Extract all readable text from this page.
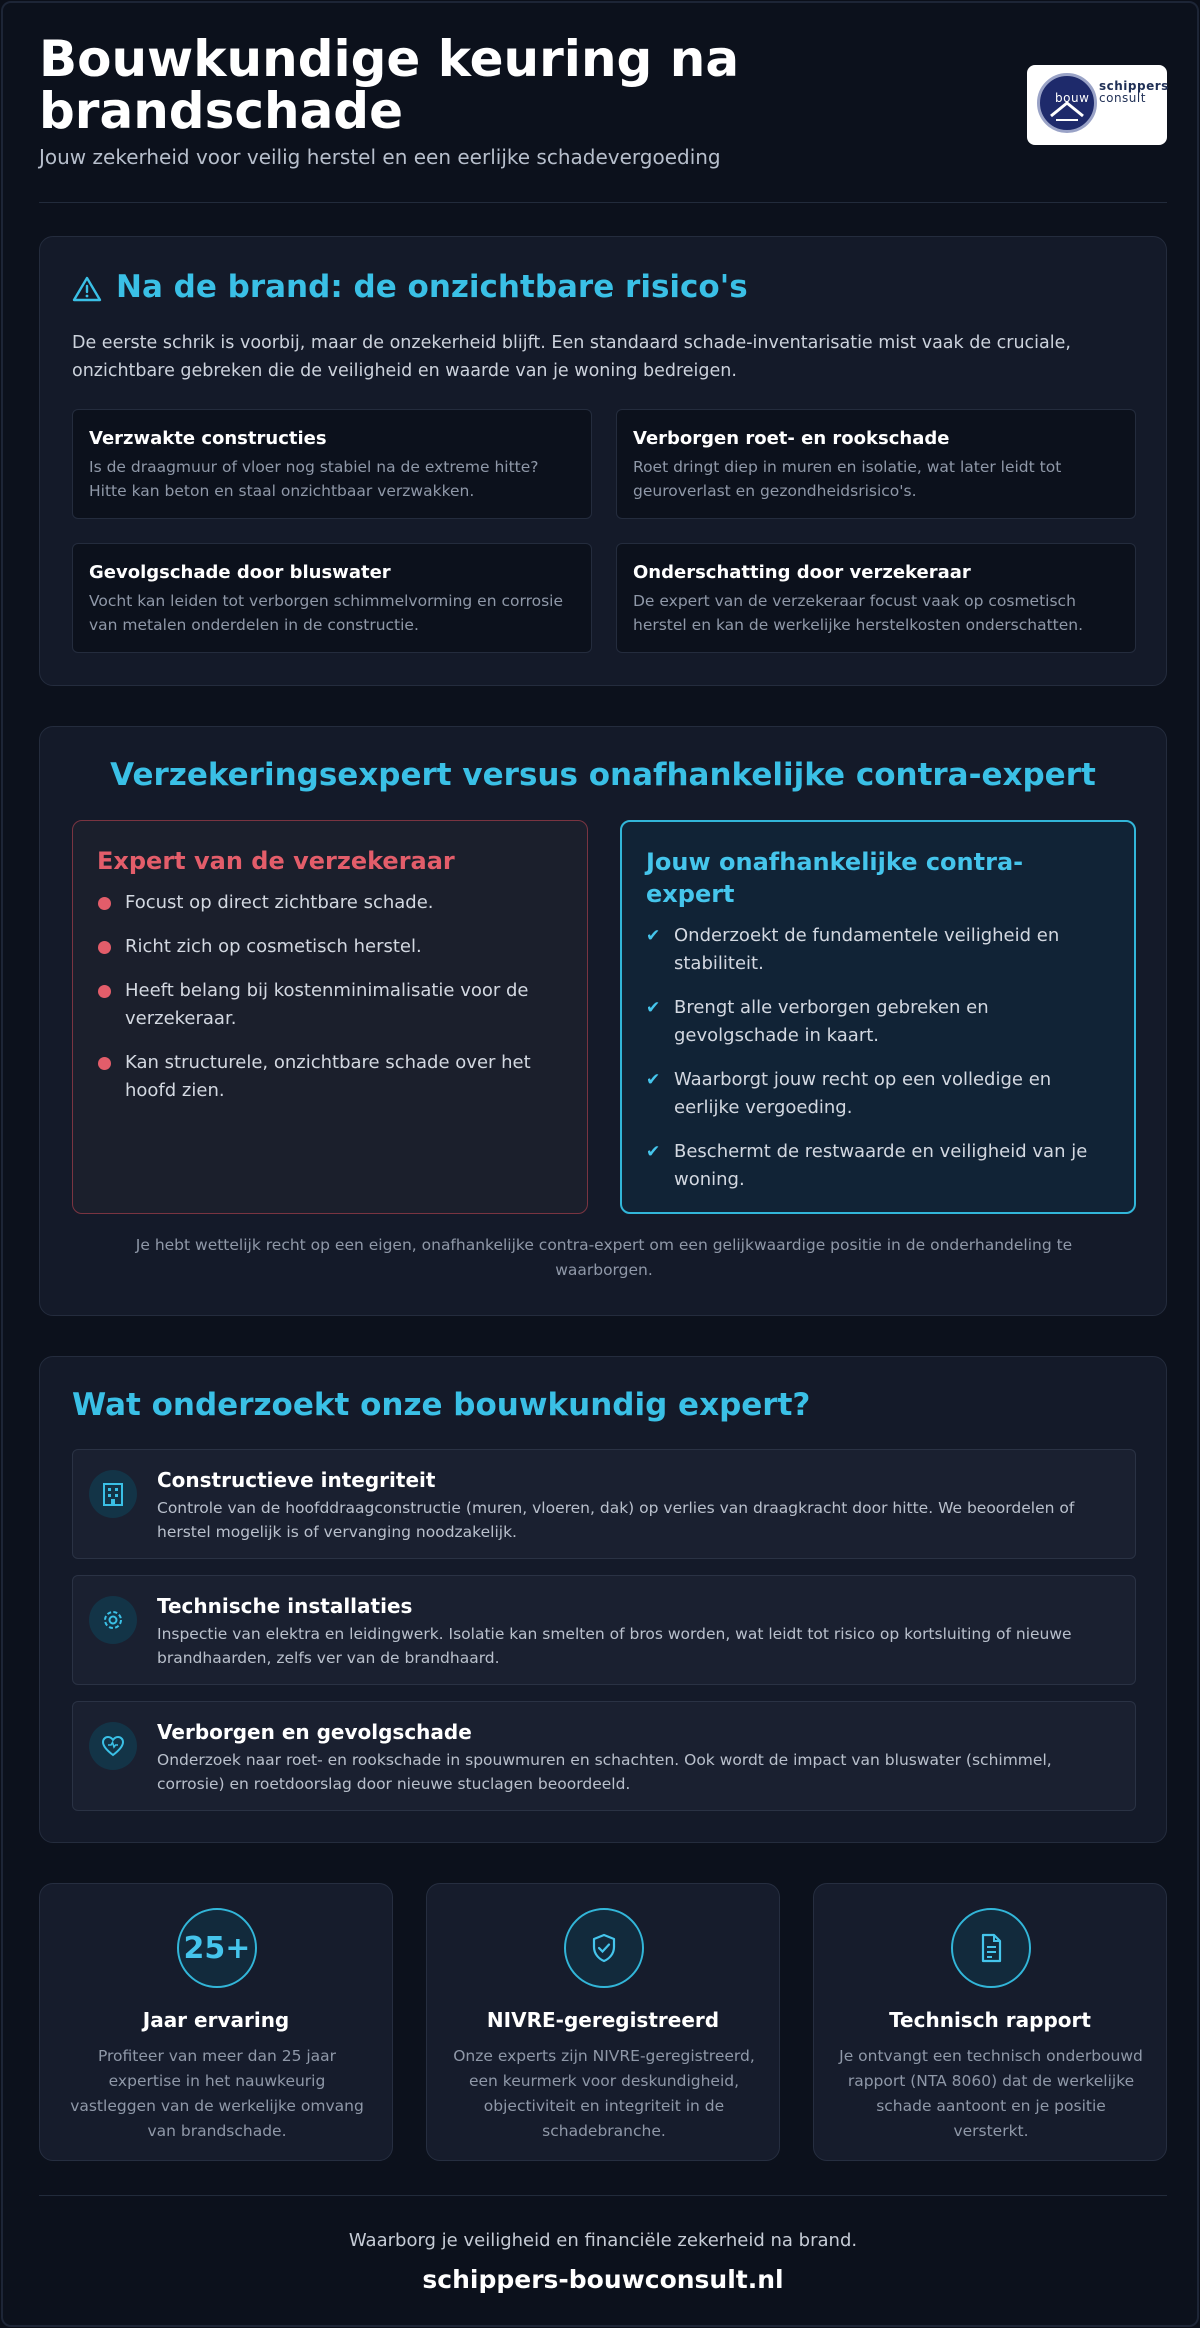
Bouwkundige keuring na brandschade
Jouw zekerheid voor veilig herstel en een eerlijke schadevergoeding
schippers
bouw consult
Na de brand: de onzichtbare risico's

De eerste schrik is voorbij, maar de onzekerheid blijft. Een standaard schade-inventarisatie mist vaak de cruciale, onzichtbare gebreken die de veiligheid en waarde van je woning bedreigen.

Verzwakte constructies
Is de draagmuur of vloer nog stabiel na de extreme hitte? Hitte kan beton en staal onzichtbaar verzwakken.
Verborgen roet- en rookschade
Roet dringt diep in muren en isolatie, wat later leidt tot geuroverlast en gezondheidsrisico's.
Gevolgschade door bluswater
Vocht kan leiden tot verborgen schimmelvorming en corrosie van metalen onderdelen in de constructie.
Onderschatting door verzekeraar
De expert van de verzekeraar focust vaak op cosmetisch herstel en kan de werkelijke herstelkosten onderschatten.
Verzekeringsexpert versus onafhankelijke contra-expert
Expert van de verzekeraar
Focust op direct zichtbare schade.
Richt zich op cosmetisch herstel.
Heeft belang bij kostenminimalisatie voor de verzekeraar.
Kan structurele, onzichtbare schade over het hoofd zien.
Jouw onafhankelijke contra-expert
✔ Onderzoekt de fundamentele veiligheid en stabiliteit.
✔ Brengt alle verborgen gebreken en gevolgschade in kaart.
✔ Waarborgt jouw recht op een volledige en eerlijke vergoeding.
✔ Beschermt de restwaarde en veiligheid van je woning.

Je hebt wettelijk recht op een eigen, onafhankelijke contra-expert om een gelijkwaardige positie in de onderhandeling te waarborgen.

Wat onderzoekt onze bouwkundig expert?
Constructieve integriteit
Controle van de hoofddraagconstructie (muren, vloeren, dak) op verlies van draagkracht door hitte. We beoordelen of herstel mogelijk is of vervanging noodzakelijk.
Technische installaties
Inspectie van elektra en leidingwerk. Isolatie kan smelten of bros worden, wat leidt tot risico op kortsluiting of nieuwe brandhaarden, zelfs ver van de brandhaard.
Verborgen en gevolgschade
Onderzoek naar roet- en rookschade in spouwmuren en schachten. Ook wordt de impact van bluswater (schimmel, corrosie) en roetdoorslag door nieuwe stuclagen beoordeeld.
25+
Jaar ervaring
Profiteer van meer dan 25 jaar expertise in het nauwkeurig vastleggen van de werkelijke omvang van brandschade.
NIVRE-geregistreerd
Onze experts zijn NIVRE-geregistreerd, een keurmerk voor deskundigheid, objectiviteit en integriteit in de schadebranche.
Technisch rapport
Je ontvangt een technisch onderbouwd rapport (NTA 8060) dat de werkelijke schade aantoont en je positie versterkt.
Waarborg je veiligheid en financiële zekerheid na brand.
schippers-bouwconsult.nl
